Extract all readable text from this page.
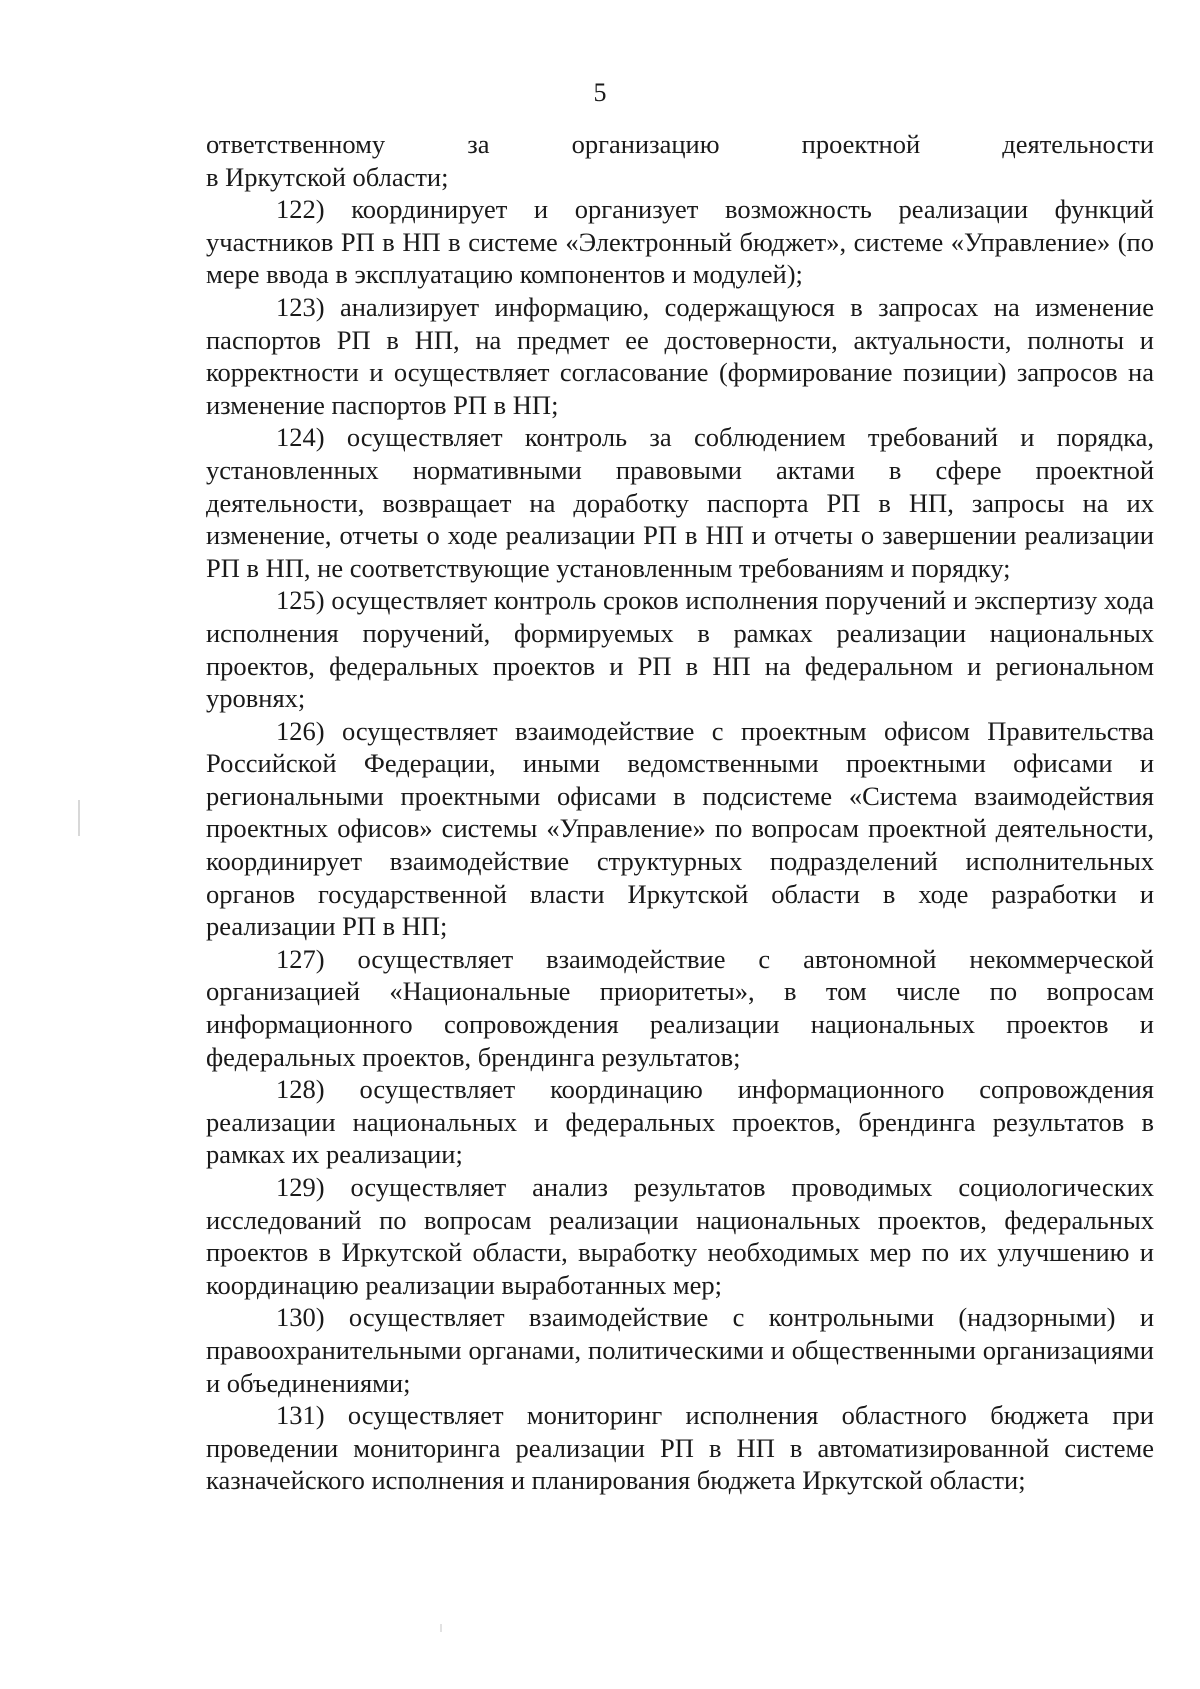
5

ответственному за организацию проектной деятельности
в Иркутской области;

122) координирует и организует возможность реализации функций участников РП в НП в системе «Электронный бюджет», системе «Управление» (по мере ввода в эксплуатацию компонентов и модулей);

123) анализирует информацию, содержащуюся в запросах на изменение паспортов РП в НП, на предмет ее достоверности, актуальности, полноты и корректности и осуществляет согласование (формирование позиции) запросов на изменение паспортов РП в НП;

124) осуществляет контроль за соблюдением требований и порядка, установленных нормативными правовыми актами в сфере проектной деятельности, возвращает на доработку паспорта РП в НП, запросы на их изменение, отчеты о ходе реализации РП в НП и отчеты о завершении реализации РП в НП, не соответствующие установленным требованиям и порядку;

125) осуществляет контроль сроков исполнения поручений и экспертизу хода исполнения поручений, формируемых в рамках реализации национальных проектов, федеральных проектов и РП в НП на федеральном и региональном уровнях;

126) осуществляет взаимодействие с проектным офисом Правительства Российской Федерации, иными ведомственными проектными офисами и региональными проектными офисами в подсистеме «Система взаимодействия проектных офисов» системы «Управление» по вопросам проектной деятельности, координирует взаимодействие структурных подразделений исполнительных органов государственной власти Иркутской области в ходе разработки и реализации РП в НП;

127) осуществляет взаимодействие с автономной некоммерческой организацией «Национальные приоритеты», в том числе по вопросам информационного сопровождения реализации национальных проектов и федеральных проектов, брендинга результатов;

128) осуществляет координацию информационного сопровождения реализации национальных и федеральных проектов, брендинга результатов в рамках их реализации;

129) осуществляет анализ результатов проводимых социологических исследований по вопросам реализации национальных проектов, федеральных проектов в Иркутской области, выработку необходимых мер по их улучшению и координацию реализации выработанных мер;

130) осуществляет взаимодействие с контрольными (надзорными) и правоохранительными органами, политическими и общественными организациями и объединениями;

131) осуществляет мониторинг исполнения областного бюджета при проведении мониторинга реализации РП в НП в автоматизированной системе казначейского исполнения и планирования бюджета Иркутской области;
